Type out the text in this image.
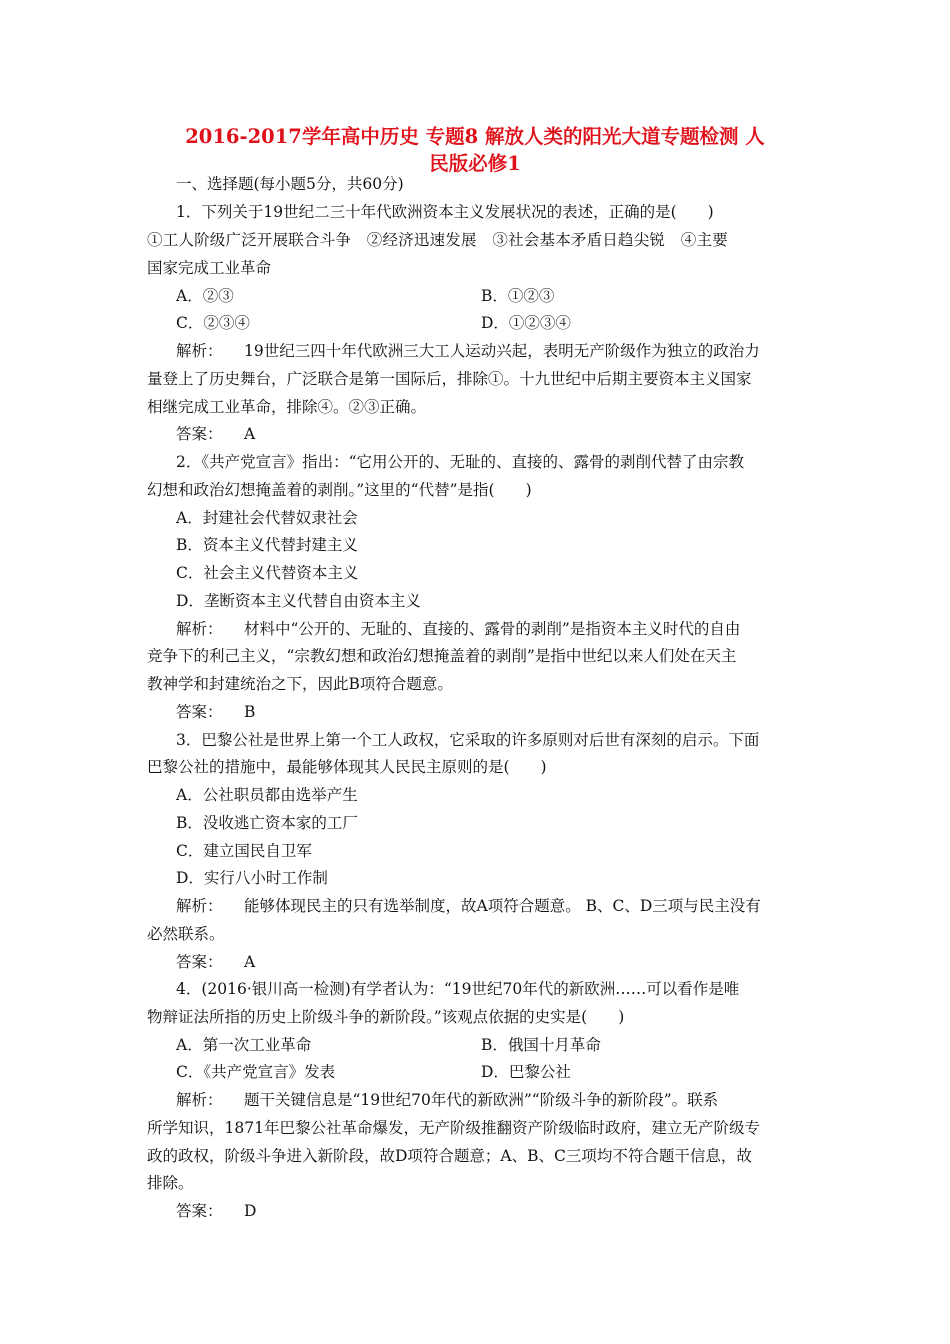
2016-2017学年高中历史 专题8 解放人类的阳光大道专题检测 人
民版必修1
一、选择题(每小题5分，共60分)
1．下列关于19世纪二三十年代欧洲资本主义发展状况的表述，正确的是(　　)
①工人阶级广泛开展联合斗争　②经济迅速发展　③社会基本矛盾日趋尖锐　④主要
国家完成工业革命
A．②③	B．①②③
C．②③④	D．①②③④
解析： 19世纪三四十年代欧洲三大工人运动兴起，表明无产阶级作为独立的政治力
量登上了历史舞台，广泛联合是第一国际后，排除①。十九世纪中后期主要资本主义国家
相继完成工业革命，排除④。②③正确。
答案： A
2．《共产党宣言》指出：“它用公开的、无耻的、直接的、露骨的剥削代替了由宗教
幻想和政治幻想掩盖着的剥削。”这里的“代替”是指(　　)
A．封建社会代替奴隶社会
B．资本主义代替封建主义
C．社会主义代替资本主义
D．垄断资本主义代替自由资本主义
解析： 材料中“公开的、无耻的、直接的、露骨的剥削”是指资本主义时代的自由
竞争下的利己主义，“宗教幻想和政治幻想掩盖着的剥削”是指中世纪以来人们处在天主
教神学和封建统治之下，因此B项符合题意。
答案： B
3．巴黎公社是世界上第一个工人政权，它采取的许多原则对后世有深刻的启示。下面
巴黎公社的措施中，最能够体现其人民民主原则的是(　　)
A．公社职员都由选举产生
B．没收逃亡资本家的工厂
C．建立国民自卫军
D．实行八小时工作制
解析： 能够体现民主的只有选举制度，故A项符合题意。 B、C、D三项与民主没有
必然联系。
答案： A
4．(2016·银川高一检测)有学者认为：“19世纪70年代的新欧洲……可以看作是唯
物辩证法所指的历史上阶级斗争的新阶段。”该观点依据的史实是(　　)
A．第一次工业革命	B．俄国十月革命
C．《共产党宣言》发表	D．巴黎公社
解析： 题干关键信息是“19世纪70年代的新欧洲”“阶级斗争的新阶段”。联系
所学知识，1871年巴黎公社革命爆发，无产阶级推翻资产阶级临时政府，建立无产阶级专
政的政权，阶级斗争进入新阶段，故D项符合题意；A、B、C三项均不符合题干信息，故
排除。
答案： D
